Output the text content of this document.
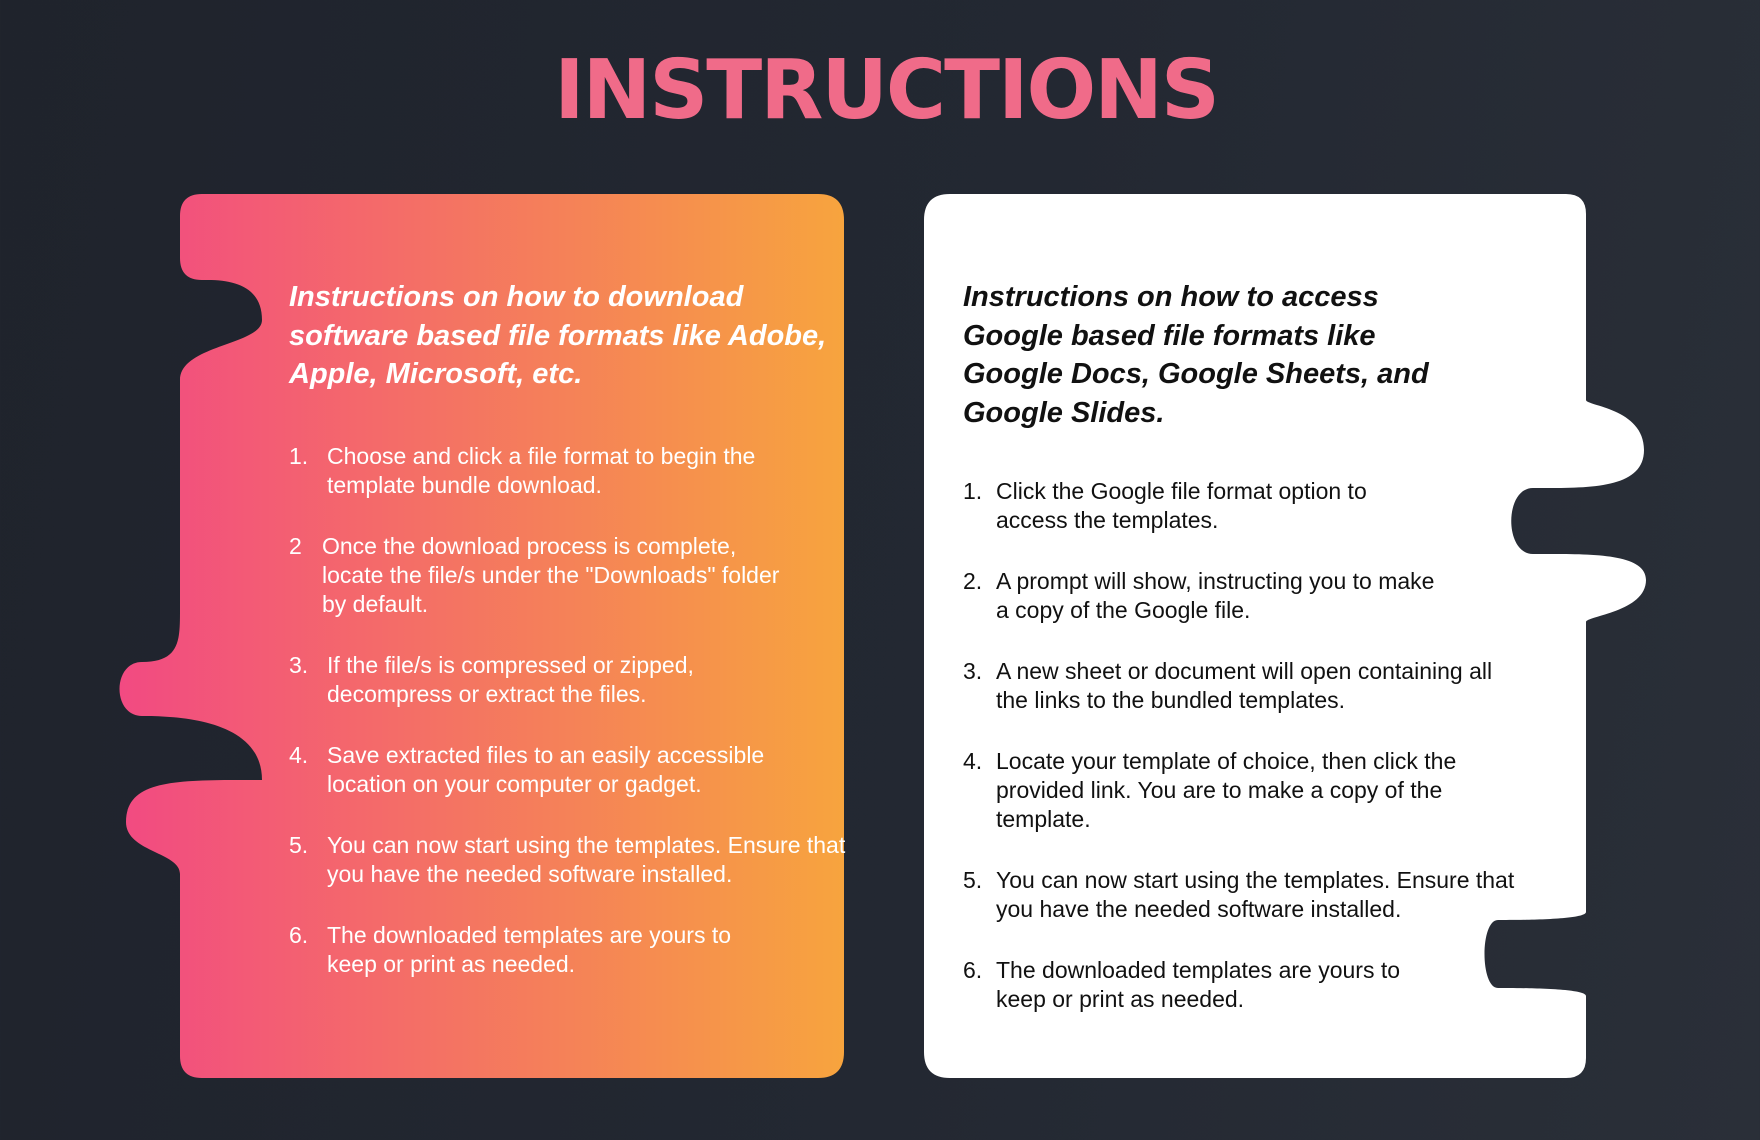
INSTRUCTIONS
Instructions on how to download software based file formats like Adobe, Apple, Microsoft, etc.
1. Choose and click a file format to begin the template bundle download.
2 Once the download process is complete, locate the file/s under the "Downloads" folder by default.
3. If the file/s is compressed or zipped, decompress or extract the files.
4. Save extracted files to an easily accessible location on your computer or gadget.
5. You can now start using the templates. Ensure that you have the needed software installed.
6. The downloaded templates are yours to keep or print as needed.
Instructions on how to access Google based file formats like Google Docs, Google Sheets, and Google Slides.
1. Click the Google file format option to access the templates.
2. A prompt will show, instructing you to make a copy of the Google file.
3. A new sheet or document will open containing all the links to the bundled templates.
4. Locate your template of choice, then click the provided link. You are to make a copy of the template.
5. You can now start using the templates. Ensure that you have the needed software installed.
6. The downloaded templates are yours to keep or print as needed.
